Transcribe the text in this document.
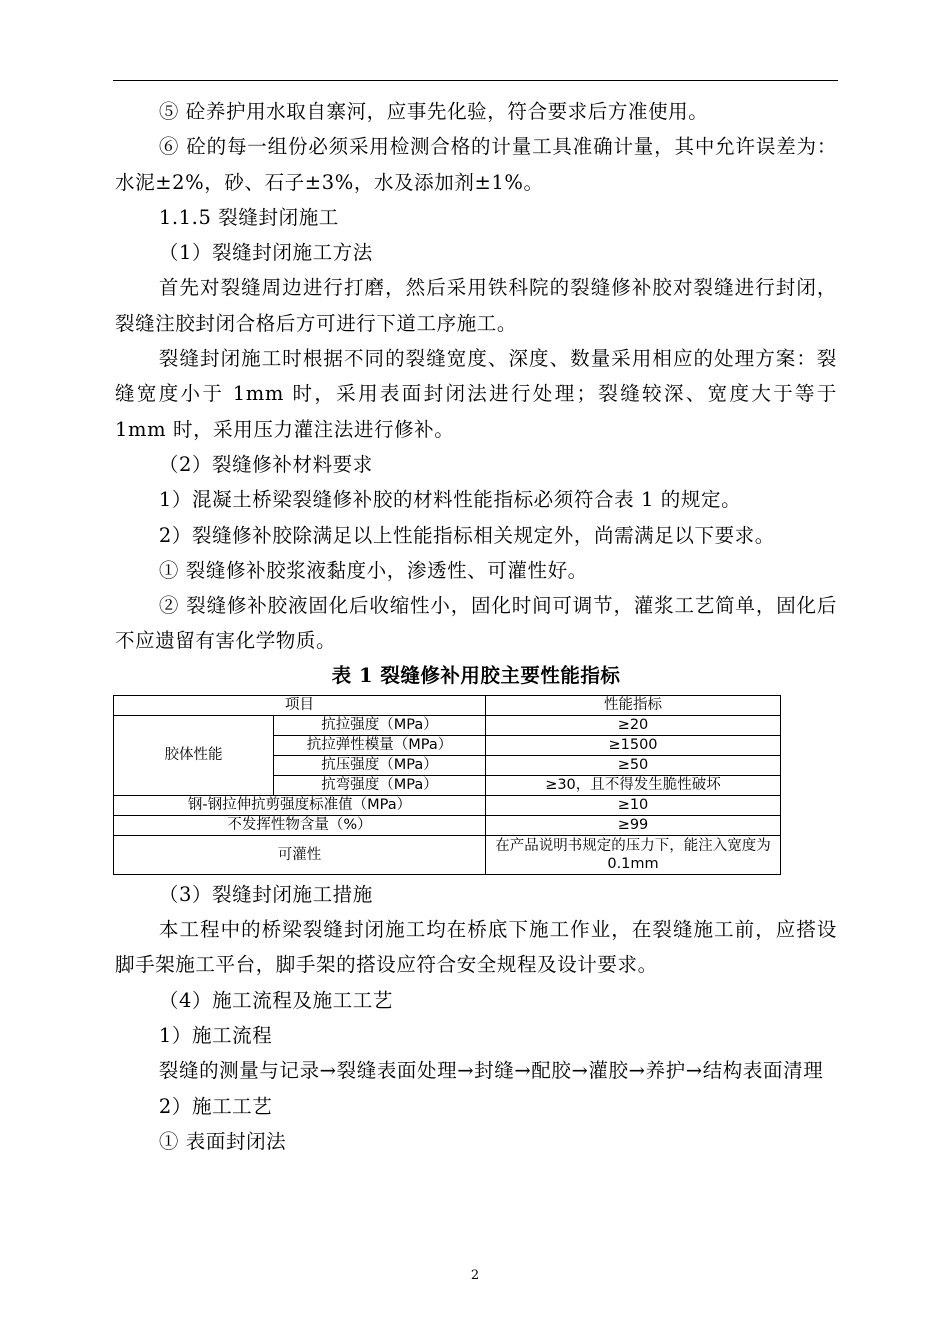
⑤ 砼养护用水取自寨河，应事先化验，符合要求后方准使用。

⑥ 砼的每一组份必须采用检测合格的计量工具准确计量，其中允许误差为：水泥±2%，砂、石子±3%，水及添加剂±1%。

1.1.5 裂缝封闭施工

（1）裂缝封闭施工方法

首先对裂缝周边进行打磨，然后采用铁科院的裂缝修补胶对裂缝进行封闭，裂缝注胶封闭合格后方可进行下道工序施工。

裂缝封闭施工时根据不同的裂缝宽度、深度、数量采用相应的处理方案：裂缝宽度小于 1mm 时，采用表面封闭法进行处理；裂缝较深、宽度大于等于 1mm 时，采用压力灌注法进行修补。

（2）裂缝修补材料要求

1）混凝土桥梁裂缝修补胶的材料性能指标必须符合表 1 的规定。

2）裂缝修补胶除满足以上性能指标相关规定外，尚需满足以下要求。

① 裂缝修补胶浆液黏度小，渗透性、可灌性好。

② 裂缝修补胶液固化后收缩性小，固化时间可调节，灌浆工艺简单，固化后不应遗留有害化学物质。

表 1 裂缝修补用胶主要性能指标
项目		性能指标
胶体性能	抗拉强度（MPa）	≥20
	抗拉弹性模量（MPa）	≥1500
	抗压强度（MPa）	≥50
	抗弯强度（MPa）	≥30，且不得发生脆性破坏
钢-钢拉伸抗剪强度标准值（MPa）		≥10
不发挥性物含量（%）		≥99
可灌性		在产品说明书规定的压力下，能注入宽度为 0.1mm

（3）裂缝封闭施工措施

本工程中的桥梁裂缝封闭施工均在桥底下施工作业，在裂缝施工前，应搭设脚手架施工平台，脚手架的搭设应符合安全规程及设计要求。

（4）施工流程及施工工艺

1）施工流程

裂缝的测量与记录→裂缝表面处理→封缝→配胶→灌胶→养护→结构表面清理

2）施工工艺

① 表面封闭法

2
